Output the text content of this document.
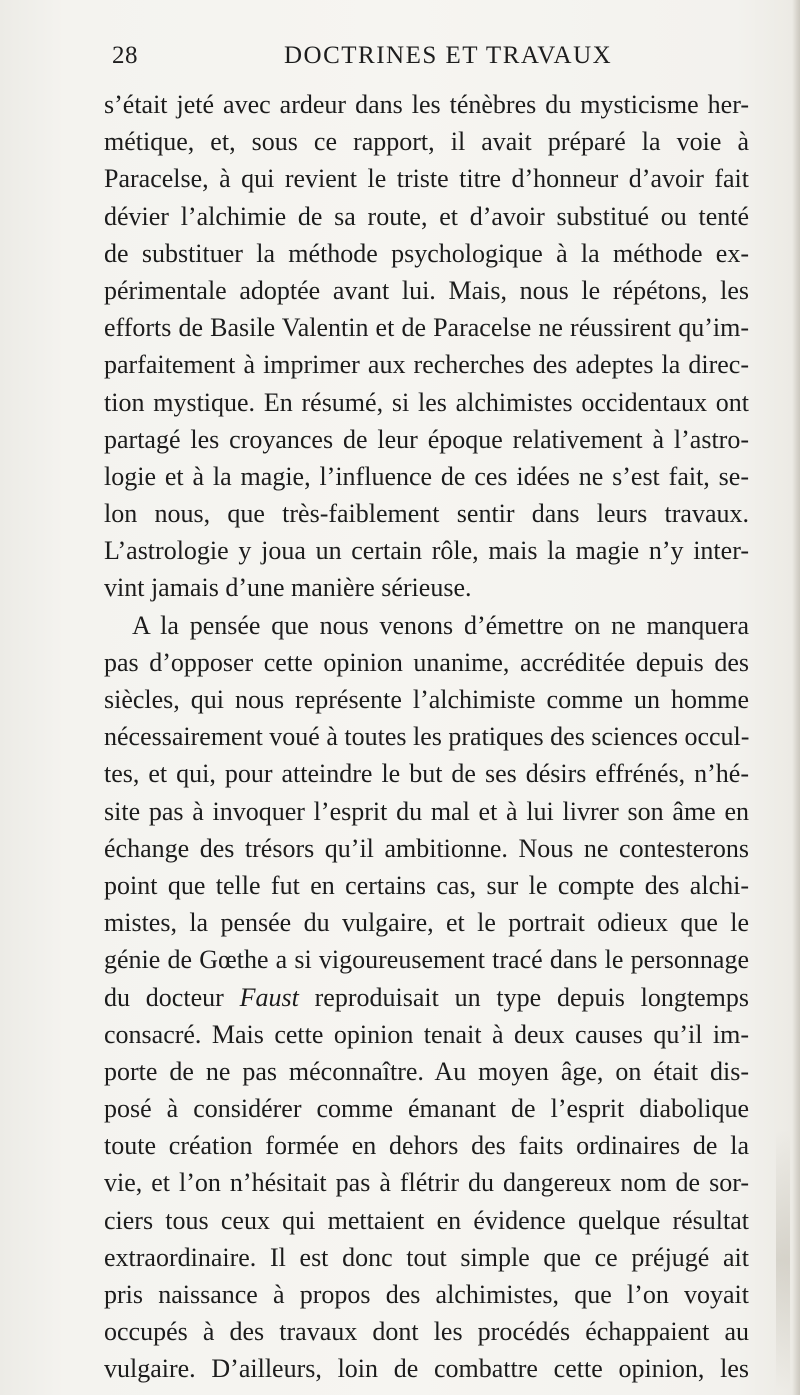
28	DOCTRINES ET TRAVAUX
s’était jeté avec ardeur dans les ténèbres du mysticisme her-
métique, et, sous ce rapport, il avait préparé la voie à
Paracelse, à qui revient le triste titre d’honneur d’avoir fait
dévier l’alchimie de sa route, et d’avoir substitué ou tenté
de substituer la méthode psychologique à la méthode ex-
périmentale adoptée avant lui. Mais, nous le répétons, les
efforts de Basile Valentin et de Paracelse ne réussirent qu’im-
parfaitement à imprimer aux recherches des adeptes la direc-
tion mystique. En résumé, si les alchimistes occidentaux ont
partagé les croyances de leur époque relativement à l’astro-
logie et à la magie, l’influence de ces idées ne s’est fait, se-
lon nous, que très-faiblement sentir dans leurs travaux.
L’astrologie y joua un certain rôle, mais la magie n’y inter-
vint jamais d’une manière sérieuse.
A la pensée que nous venons d’émettre on ne manquera
pas d’opposer cette opinion unanime, accréditée depuis des
siècles, qui nous représente l’alchimiste comme un homme
nécessairement voué à toutes les pratiques des sciences occul-
tes, et qui, pour atteindre le but de ses désirs effrénés, n’hé-
site pas à invoquer l’esprit du mal et à lui livrer son âme en
échange des trésors qu’il ambitionne. Nous ne contesterons
point que telle fut en certains cas, sur le compte des alchi-
mistes, la pensée du vulgaire, et le portrait odieux que le
génie de Gœthe a si vigoureusement tracé dans le personnage
du docteur Faust reproduisait un type depuis longtemps
consacré. Mais cette opinion tenait à deux causes qu’il im-
porte de ne pas méconnaître. Au moyen âge, on était dis-
posé à considérer comme émanant de l’esprit diabolique
toute création formée en dehors des faits ordinaires de la
vie, et l’on n’hésitait pas à flétrir du dangereux nom de sor-
ciers tous ceux qui mettaient en évidence quelque résultat
extraordinaire. Il est donc tout simple que ce préjugé ait
pris naissance à propos des alchimistes, que l’on voyait
occupés à des travaux dont les procédés échappaient au
vulgaire. D’ailleurs, loin de combattre cette opinion, les
